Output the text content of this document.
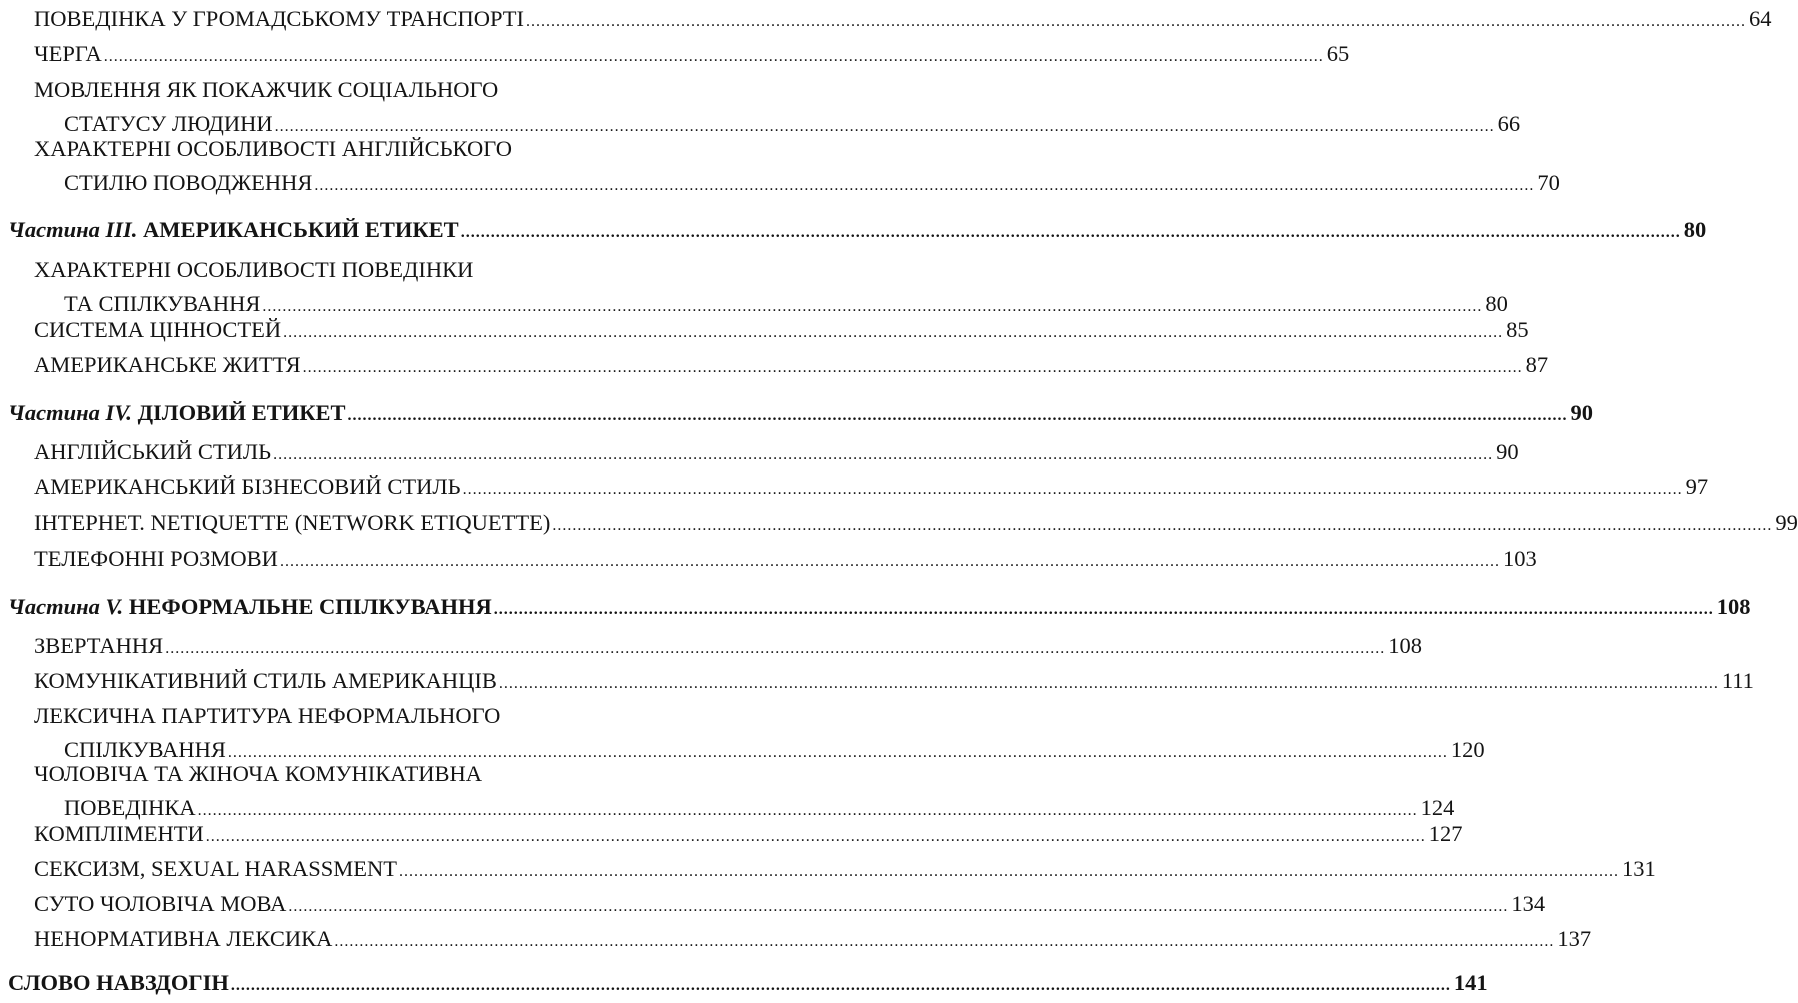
ПОВЕДІНКА У ГРОМАДСЬКОМУ ТРАНСПОРТІ .....	64
ЧЕРГА .....	65
МОВЛЕННЯ ЯК ПОКАЖЧИК СОЦІАЛЬНОГО
СТАТУСУ ЛЮДИНИ .....	66
ХАРАКТЕРНІ ОСОБЛИВОСТІ АНГЛІЙСЬКОГО
СТИЛЮ ПОВОДЖЕННЯ .....	70
Частина III. АМЕРИКАНСЬКИЙ ЕТИКЕТ .....	80
ХАРАКТЕРНІ ОСОБЛИВОСТІ ПОВЕДІНКИ
ТА СПІЛКУВАННЯ .....	80
СИСТЕМА ЦІННОСТЕЙ .....	85
АМЕРИКАНСЬКЕ ЖИТТЯ .....	87
Частина IV. ДІЛОВИЙ ЕТИКЕТ .....	90
АНГЛІЙСЬКИЙ СТИЛЬ .....	90
АМЕРИКАНСЬКИЙ БІЗНЕСОВИЙ СТИЛЬ .....	97
ІНТЕРНЕТ. NETIQUETTE (NETWORK ETIQUETTE) .....	99
ТЕЛЕФОННІ РОЗМОВИ .....	103
Частина V. НЕФОРМАЛЬНЕ СПІЛКУВАННЯ .....	108
ЗВЕРТАННЯ .....	108
КОМУНІКАТИВНИЙ СТИЛЬ АМЕРИКАНЦІВ .....	111
ЛЕКСИЧНА ПАРТИТУРА НЕФОРМАЛЬНОГО
СПІЛКУВАННЯ .....	120
ЧОЛОВІЧА ТА ЖІНОЧА КОМУНІКАТИВНА
ПОВЕДІНКА .....	124
КОМПЛІМЕНТИ .....	127
СЕКСИЗМ, SEXUAL HARASSMENT .....	131
СУТО ЧОЛОВІЧА МОВА .....	134
НЕНОРМАТИВНА ЛЕКСИКА .....	137
СЛОВО НАВЗДОГІН .....	141
